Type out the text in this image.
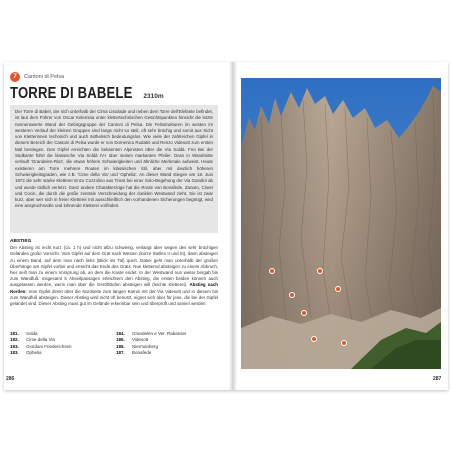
7	Cantoni di Pelsa
TORRE DI BABELE 2310m
Der Torre di Babel, der sich unterhalb der Cima Listolade und neben dem Torre dell'Elefante befindet, ist laut dem Führer von Oscar Kelemina unter klettertechnischen Gesichtspunkten hinsicht die letzte nennenswerte Wand der Gebirgsgruppe der Cantoni di Pelsa. Die Felsstrukturen im westen im westeren Verlauf der kleinen Gruppen sind lange nicht so steil, oft sehr brüchig und somit aus Sicht von Kletterinnen technisch und auch ästhetisch bedeutungslos. Wie viele der zahlreichen Gipfel in diesem Bereich der Cantoni di Pelsa wurde er von Domenico Rudatis und Renzo Videsott zum ersten Mal bestiegen. Den Gipfel erreichten die bekannten Alpinisten über die Via Soldà. Frei Bei der Südkante führt die klassische Via Soldà IV-I über seinen markanten Pfeiler. Dass in Wandmitte verlauft 'Grandelen-Riss', die etwas höhere Schwierigkeiten und ähnliche Merkmale aufweist. Heute existieren am Torre mehrere Routen im klassischen Stil, aber mit deutlich höheren Schwierigkeitsgraden, wie z.B. 'Cime della Via' und 'Ophelia'. An dieser Wand stiegen am 18. Juni 1972 die sehr starke Kletterer Enzo Cozzolino aus Triest bei einer Solo-Begehung der Via Gandini ab und wurde tödlich verletzt. Ganz andere Charakterzüge hat die Route von Bonafede, Zanaro, Cloeri und Cocin, die durch die große zentrale Verschneidung der dunklen Westwand zieht. Sie ist zwar kurz, aber wer sich in freier Kletterei mit ausschließlich den vorhandenen Sicherungen begnügt, wird eine anspruchsvolle und lohnende Kletterei vorfinden.
ABSTIEG
Der Abstieg ist recht kurz (ca. 1 h) und nicht allzu schwierig, verlangt aber wegen des sehr brüchigen Geländes große Vorsicht. Vom Gipfel auf dem Grat nach Westen (kurze Stellen II und III), dann absteigen zu einem Band, auf dem man nach links (Blick ins Tal) quert. Dabei geht man unterhalb der großen Überhänge am Gipfel vorbei und erreicht das Ende des Grats. Nun kletternd absteigen zu einem Abbruch, hier seilt man zu einem Vorsprung ab, an dem die Kante endet. In der Westwand nun weiter bergab bis zum Wandfuß: insgesamt 5 Abseilpassagen erleichtern den Abstieg, die ersten beiden können auch ausgelassen werden, wenn man über die Geröllstufen absteigen will (leichte Kletterei). Abstieg nach Norden: Vom Gipfel direkt über die Nordseite zum langen Kamin mit der Via Videsott und in diesem bis zum Wandfuß absteigen. Dieser Abstieg wird nicht oft benutzt, eignet sich aber für jene, die bei der Gipfel gelandet sind. Dieser Abstieg muss gut im Gelände erkennbar sein und überprüft und sanieri werden.
181. Soldà
182. Cime della Via
183. Giordani Friederichsen
183. Ophelia
184. Grandelen e Ver. Rabanser
185. Videsott
186. Niermanberg
187. Bonafede
286	287
